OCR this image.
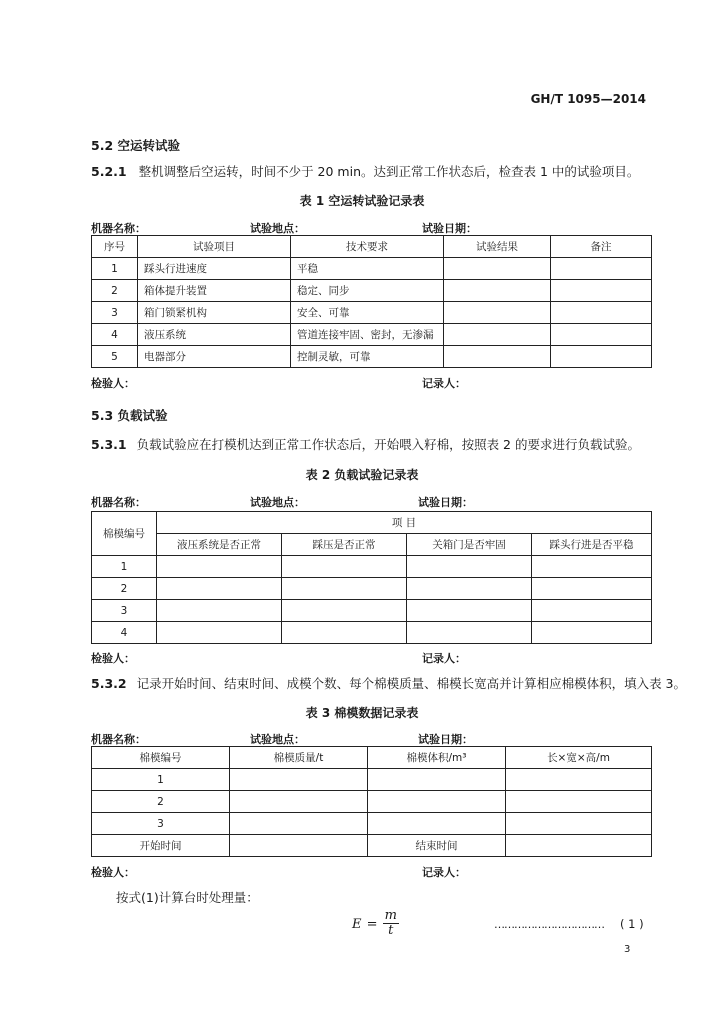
GH/T 1095—2014
5.2 空运转试验
5.2.1 整机调整后空运转，时间不少于 20 min。达到正常工作状态后，检查表 1 中的试验项目。
表 1 空运转试验记录表
机器名称：	试验地点：	试验日期：
序号	试验项目	技术要求	试验结果	备注
1	踩头行进速度	平稳		
2	箱体提升装置	稳定、同步		
3	箱门锁紧机构	安全、可靠		
4	液压系统	管道连接牢固、密封，无渗漏		
5	电器部分	控制灵敏，可靠		
检验人：	记录人：
5.3 负载试验
5.3.1 负载试验应在打模机达到正常工作状态后，开始喂入籽棉，按照表 2 的要求进行负载试验。
表 2 负载试验记录表
机器名称：	试验地点：	试验日期：
棉模编号	项 目			
	液压系统是否正常	踩压是否正常	关箱门是否牢固	踩头行进是否平稳
1				
2				
3				
4				
检验人：	记录人：
5.3.2 记录开始时间、结束时间、成模个数、每个棉模质量、棉模长宽高并计算相应棉模体积，填入表 3。
表 3 棉模数据记录表
机器名称：	试验地点：	试验日期：
棉模编号	棉模质量/t	棉模体积/m³	长×宽×高/m
1			
2			
3			
开始时间		结束时间	
检验人：	记录人：
按式(1)计算台时处理量：
$E = \frac{m}{t}$	…………………………… ( 1 )
3
